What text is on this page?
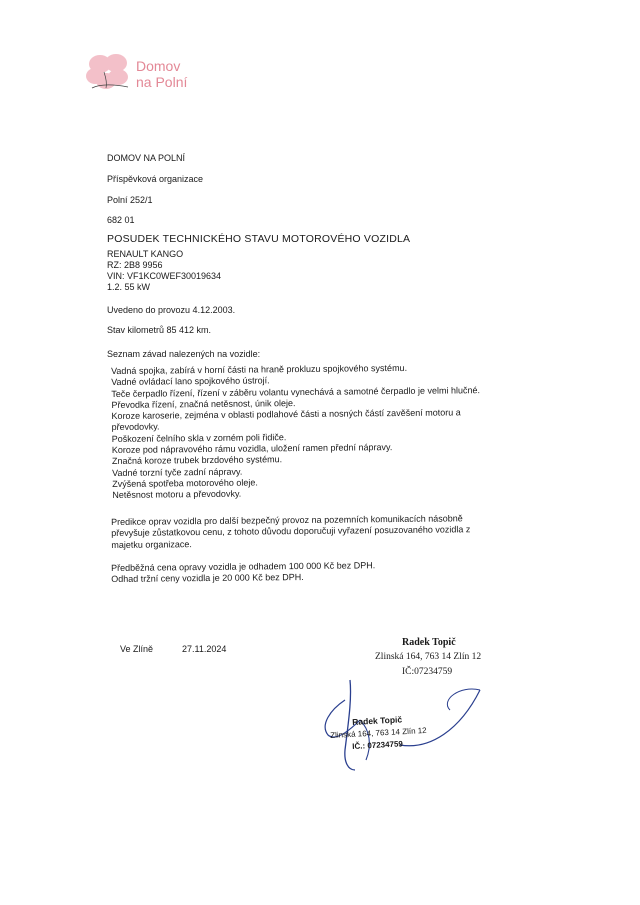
Domov
na Polní
DOMOV NA POLNÍ
Příspěvková organizace
Polní 252/1
682 01
POSUDEK TECHNICKÉHO STAVU MOTOROVÉHO VOZIDLA
RENAULT KANGO
RZ: 2B8 9956
VIN: VF1KC0WEF30019634
1.2. 55 kW
Uvedeno do provozu 4.12.2003.
Stav kilometrů 85 412 km.
Seznam závad nalezených na vozidle:
Vadná spojka, zabírá v horní části na hraně prokluzu spojkového systému.
Vadné ovládací lano spojkového ústrojí.
Teče čerpadlo řízení, řízení v záběru volantu vynechává a samotné čerpadlo je velmi hlučné.
Převodka řízení, značná netěsnost, únik oleje.
Koroze karoserie, zejména v oblasti podlahové části a nosných částí zavěšení motoru a
převodovky.
Poškození čelního skla v zorném poli řidiče.
Koroze pod nápravového rámu vozidla, uložení ramen přední nápravy.
Značná koroze trubek brzdového systému.
Vadné torzní tyče zadní nápravy.
Zvýšená spotřeba motorového oleje.
Netěsnost motoru a převodovky.
Predikce oprav vozidla pro další bezpečný provoz na pozemních komunikacích násobně
převyšuje zůstatkovou cenu, z tohoto důvodu doporučuji vyřazení posuzovaného vozidla z
majetku organizace.
Předběžná cena opravy vozidla je odhadem 100 000 Kč bez DPH.
Odhad tržní ceny vozidla je 20 000 Kč bez DPH.
Ve Zlíně	27.11.2024
Radek Topič
Zlinská 164, 763 14 Zlín 12
IČ:07234759
Radek Topič
Zlinská 164, 763 14 Zlín 12
IČ.: 07234759
